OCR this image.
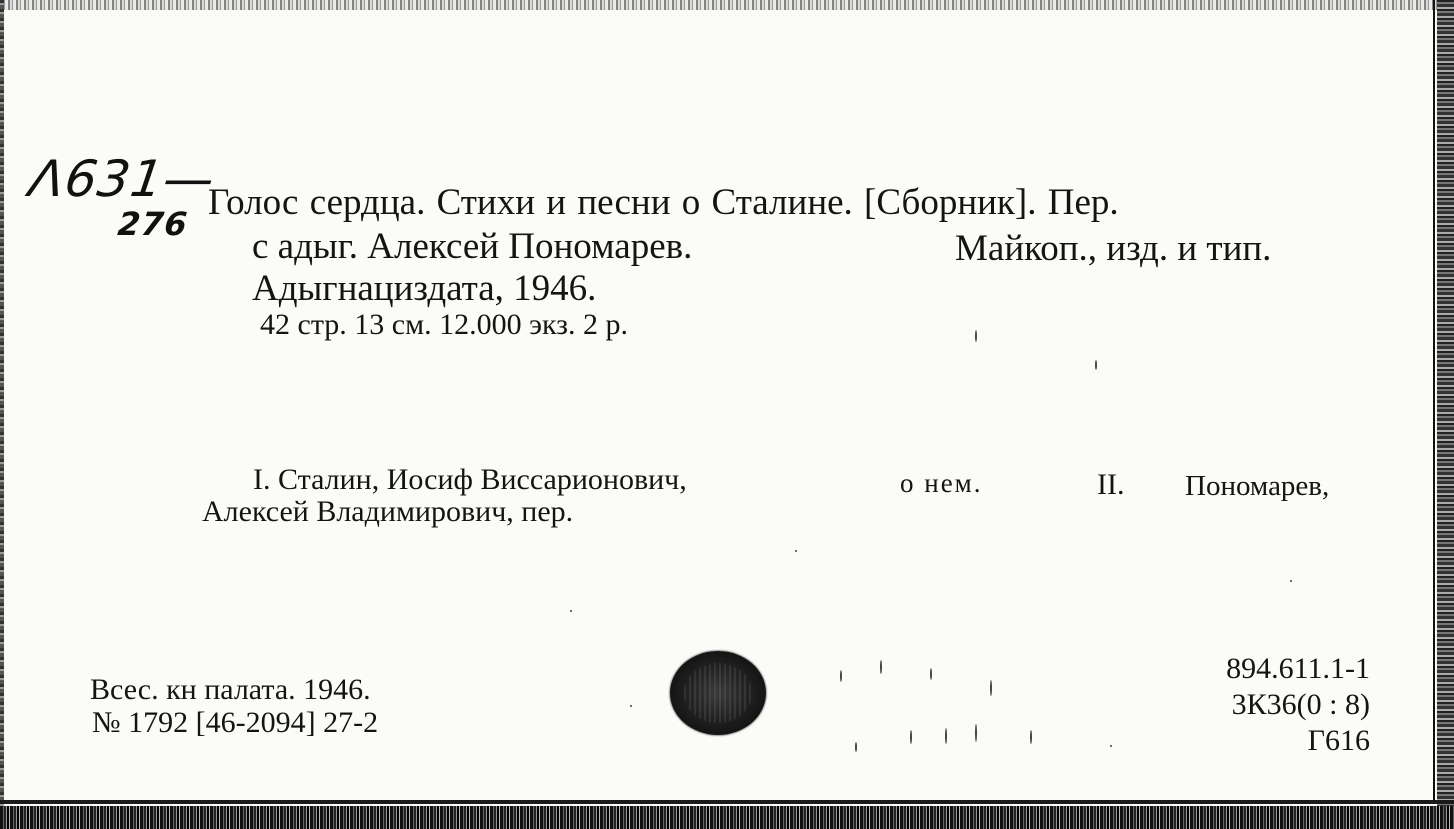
Λ631—
276
Голос сердца. Стихи и песни о Сталине. [Сборник]. Пер.
с адыг. Алексей Пономарев.	Майкоп., изд. и тип.
Адыгнациздата, 1946.
42 стр. 13 см. 12.000 экз. 2 р.
I. Сталин, Иосиф Виссарионович,	о нем.	II. Пономарев,
Алексей Владимирович, пер.
Всес. кн палата. 1946.
№ 1792 [46-2094] 27-2
894.611.1-1
3К36(0 : 8)
Г616
